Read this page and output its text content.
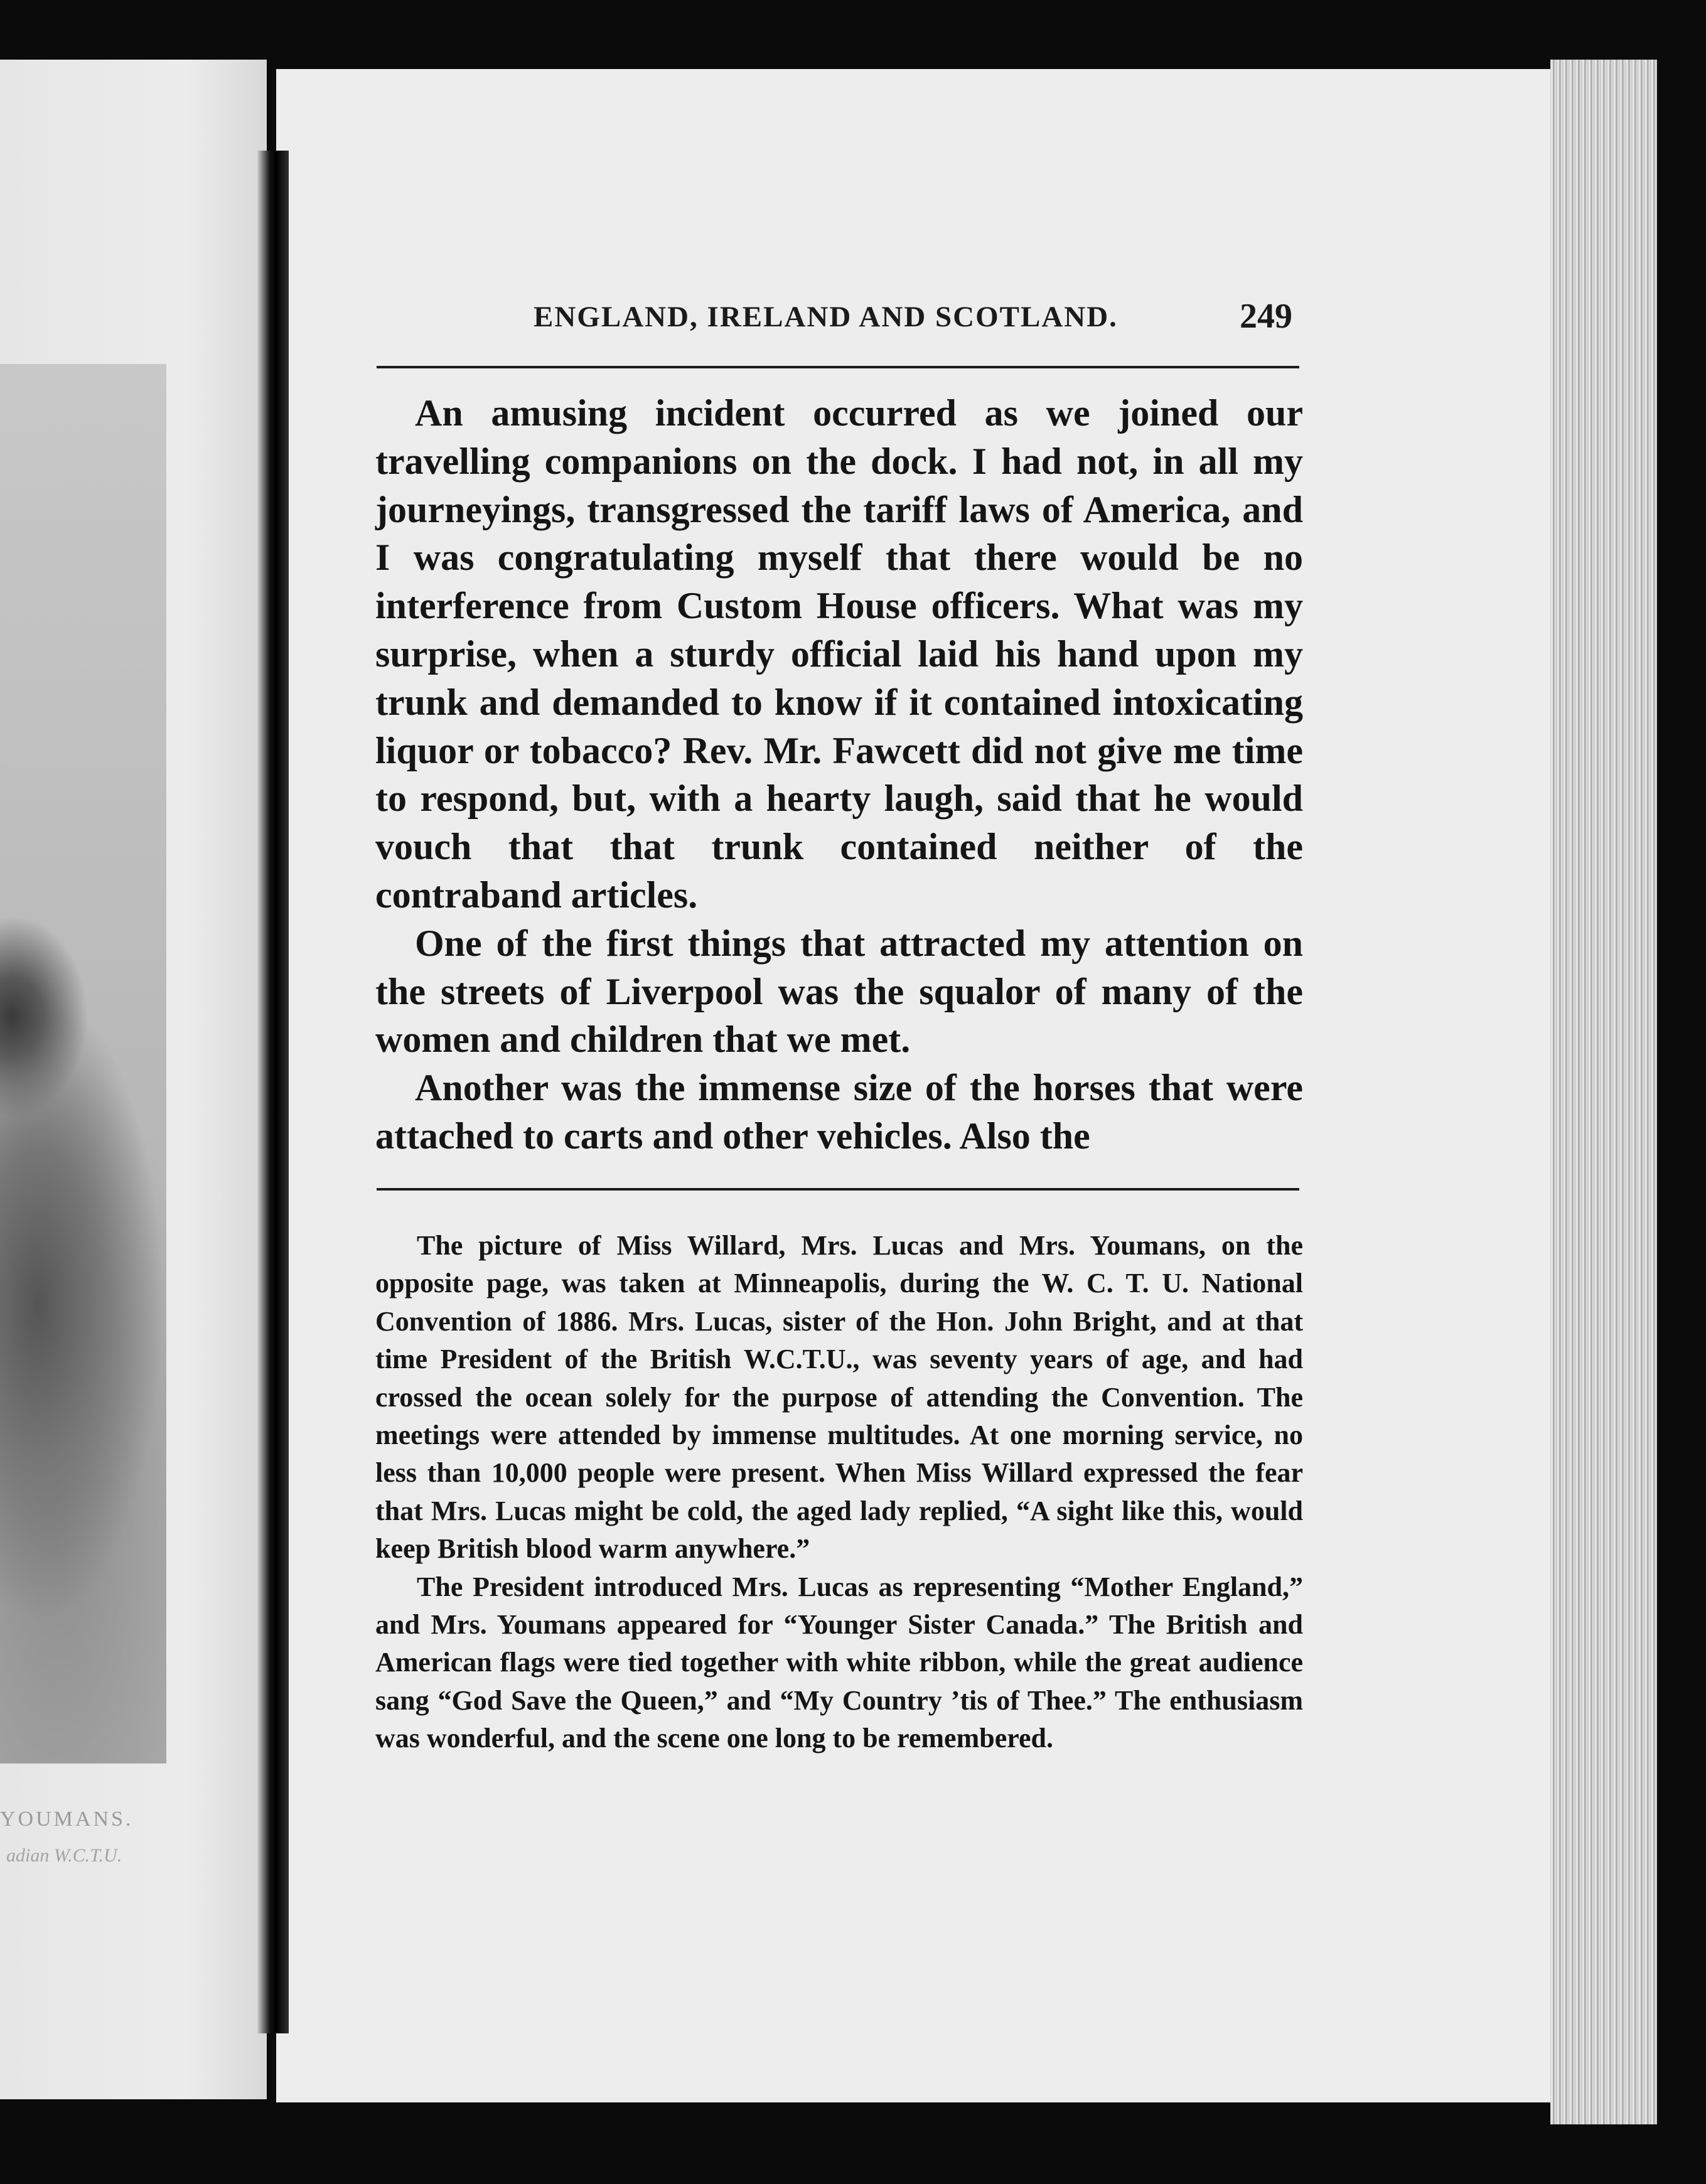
YOUMANS.
adian W.C.T.U.
ENGLAND, IRELAND AND SCOTLAND.	249

An amusing incident occurred as we joined our travelling companions on the dock. I had not, in all my journeyings, transgressed the tariff laws of America, and I was congratulating myself that there would be no interference from Custom House officers. What was my surprise, when a sturdy official laid his hand upon my trunk and demanded to know if it contained intoxicating liquor or tobacco? Rev. Mr. Fawcett did not give me time to respond, but, with a hearty laugh, said that he would vouch that that trunk contained neither of the contraband articles.

One of the first things that attracted my attention on the streets of Liverpool was the squalor of many of the women and children that we met.

Another was the immense size of the horses that were attached to carts and other vehicles. Also the

The picture of Miss Willard, Mrs. Lucas and Mrs. Youmans, on the opposite page, was taken at Minneapolis, during the W. C. T. U. National Convention of 1886. Mrs. Lucas, sister of the Hon. John Bright, and at that time President of the British W.C.T.U., was seventy years of age, and had crossed the ocean solely for the purpose of attending the Convention. The meetings were attended by immense multitudes. At one morning service, no less than 10,000 people were present. When Miss Willard expressed the fear that Mrs. Lucas might be cold, the aged lady replied, “A sight like this, would keep British blood warm anywhere.”

The President introduced Mrs. Lucas as representing “Mother England,” and Mrs. Youmans appeared for “Younger Sister Canada.” The British and American flags were tied together with white ribbon, while the great audience sang “God Save the Queen,” and “My Country ’tis of Thee.” The enthusiasm was wonderful, and the scene one long to be remembered.
